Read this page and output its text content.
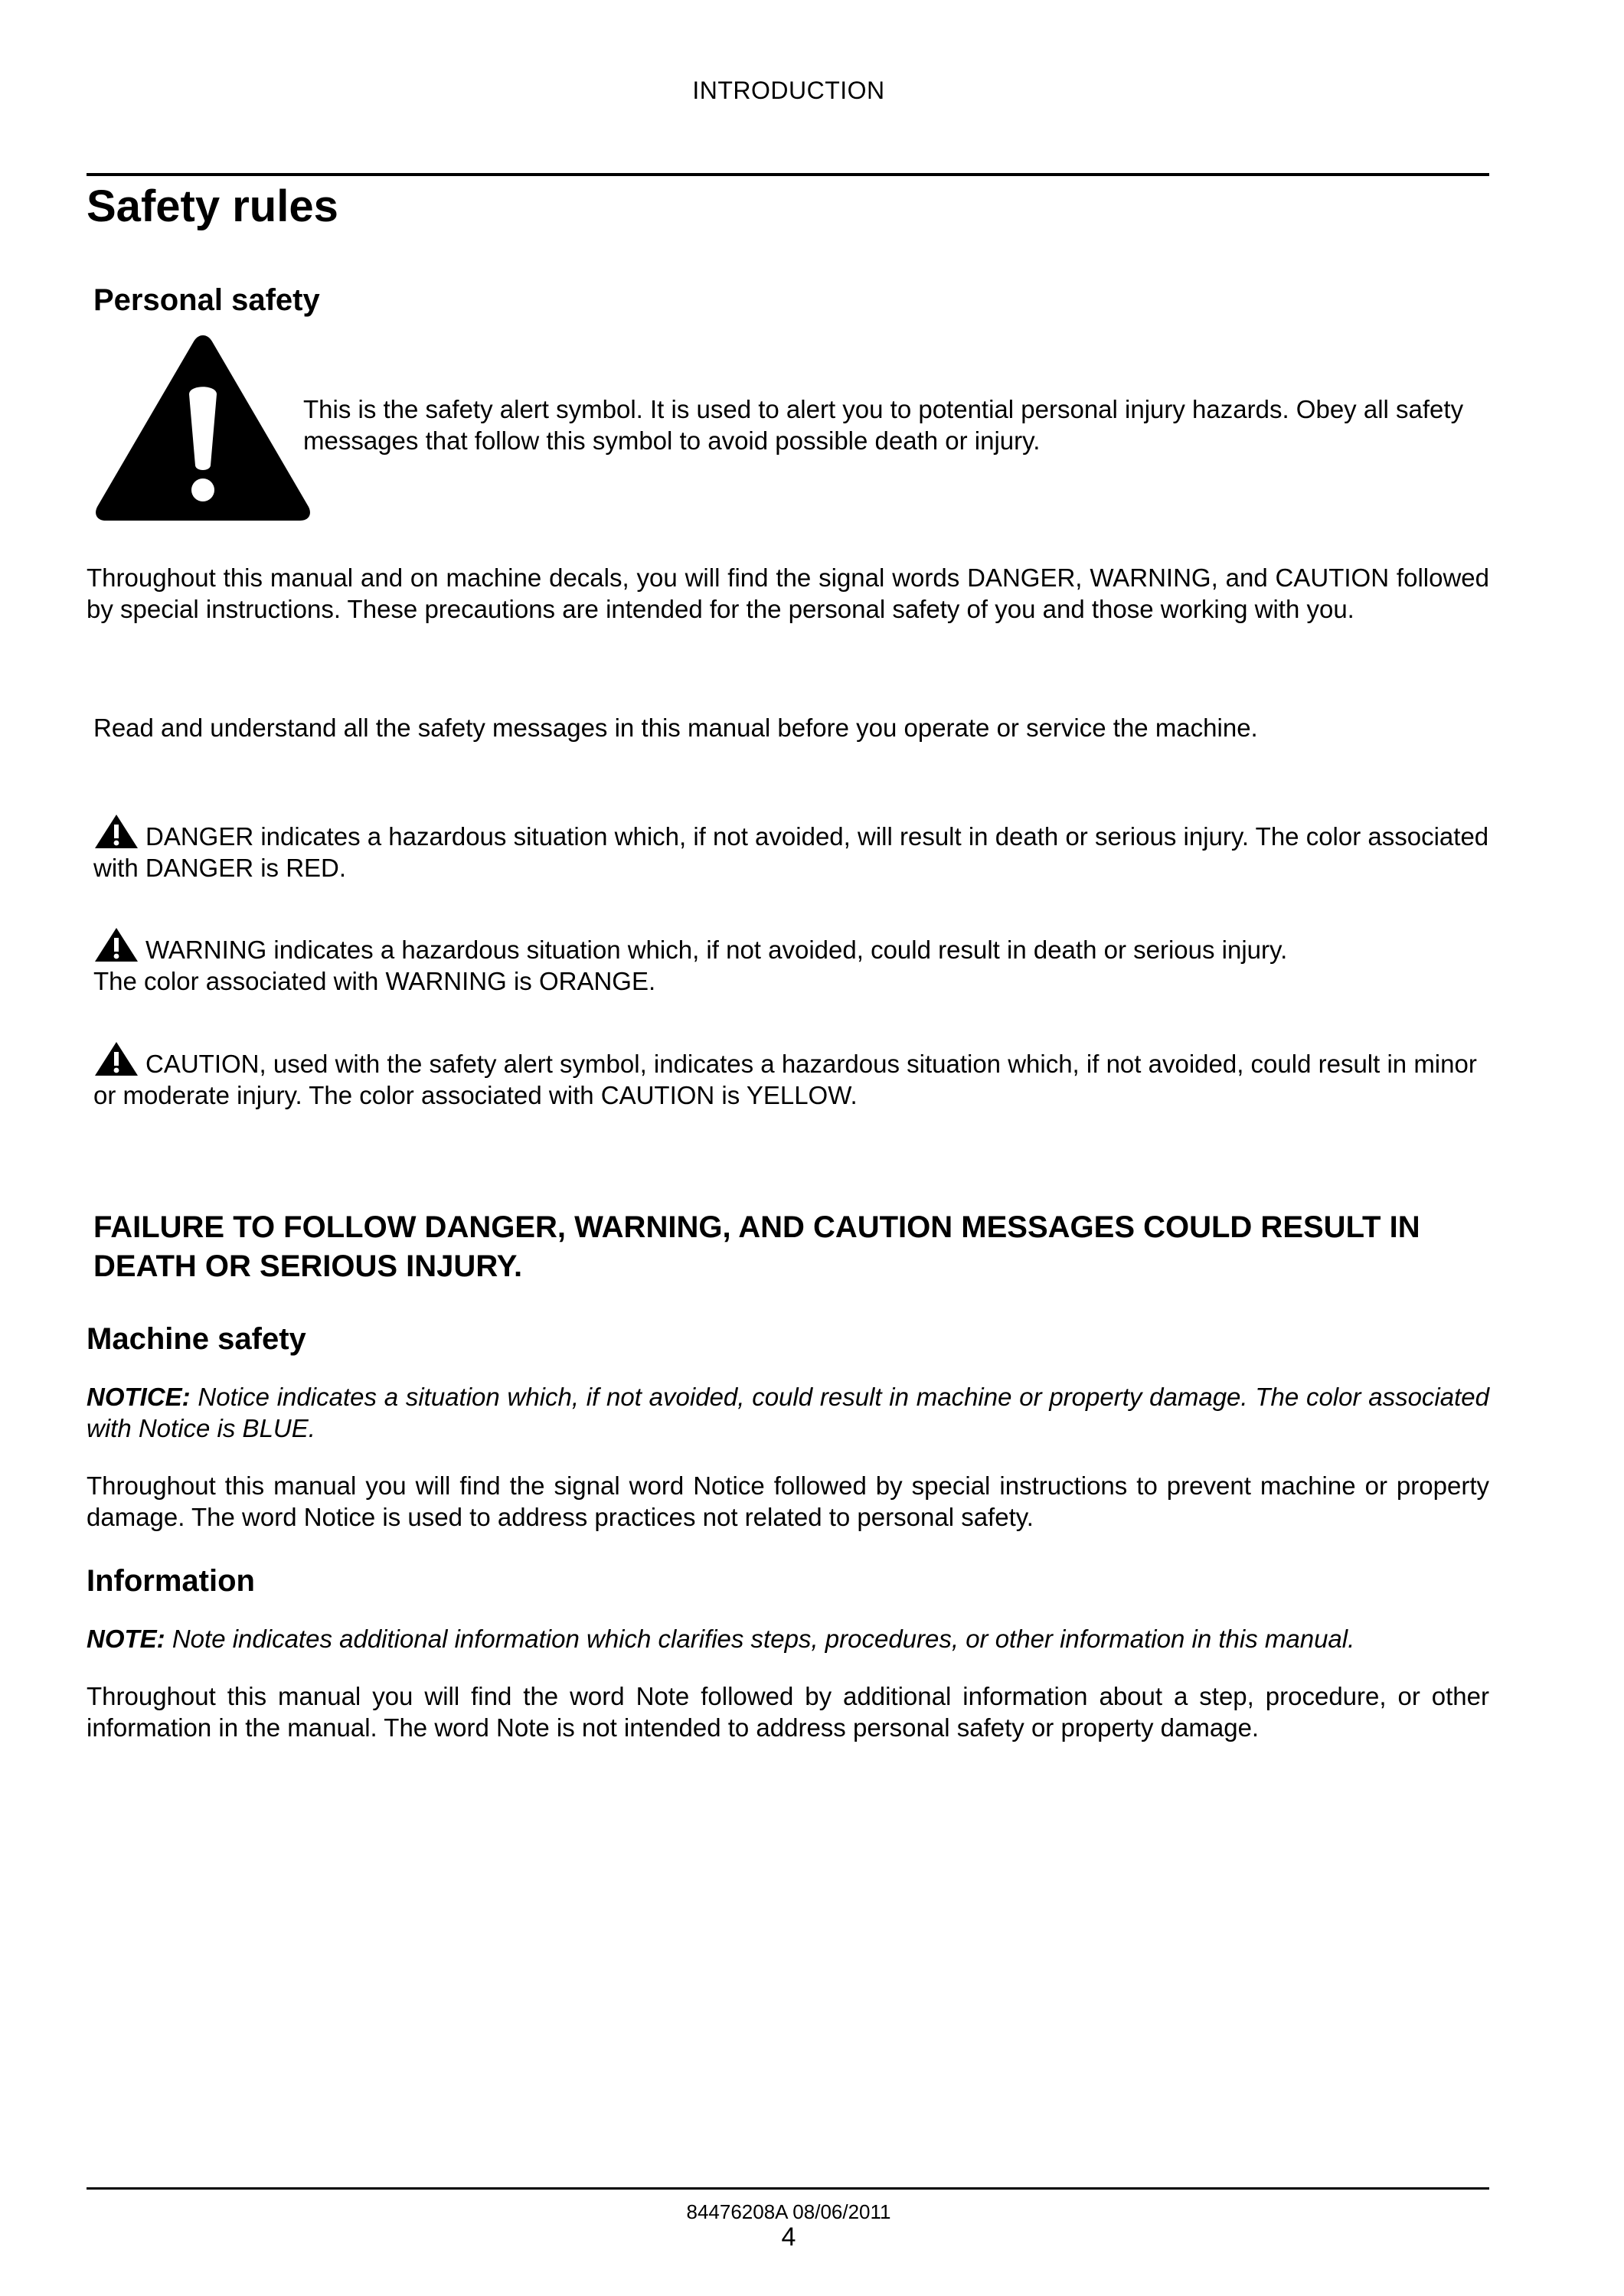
INTRODUCTION
Safety rules
Personal safety
This is the safety alert symbol. It is used to alert you to potential personal injury hazards. Obey all safety messages that follow this symbol to avoid possible death or injury.
Throughout this manual and on machine decals, you will find the signal words DANGER, WARNING, and CAUTION followed by special instructions. These precautions are intended for the personal safety of you and those working with you.
Read and understand all the safety messages in this manual before you operate or service the machine.
DANGER indicates a hazardous situation which, if not avoided, will result in death or serious injury. The color associated with DANGER is RED.
WARNING indicates a hazardous situation which, if not avoided, could result in death or serious injury.
The color associated with WARNING is ORANGE.
CAUTION, used with the safety alert symbol, indicates a hazardous situation which, if not avoided, could result in minor or moderate injury. The color associated with CAUTION is YELLOW.
FAILURE TO FOLLOW DANGER, WARNING, AND CAUTION MESSAGES COULD RESULT IN DEATH OR SERIOUS INJURY.
Machine safety
NOTICE: Notice indicates a situation which, if not avoided, could result in machine or property damage. The color associated with Notice is BLUE.
Throughout this manual you will find the signal word Notice followed by special instructions to prevent machine or property damage. The word Notice is used to address practices not related to personal safety.
Information
NOTE: Note indicates additional information which clarifies steps, procedures, or other information in this manual.
Throughout this manual you will find the word Note followed by additional information about a step, procedure, or other information in the manual. The word Note is not intended to address personal safety or property damage.
84476208A 08/06/2011
4
